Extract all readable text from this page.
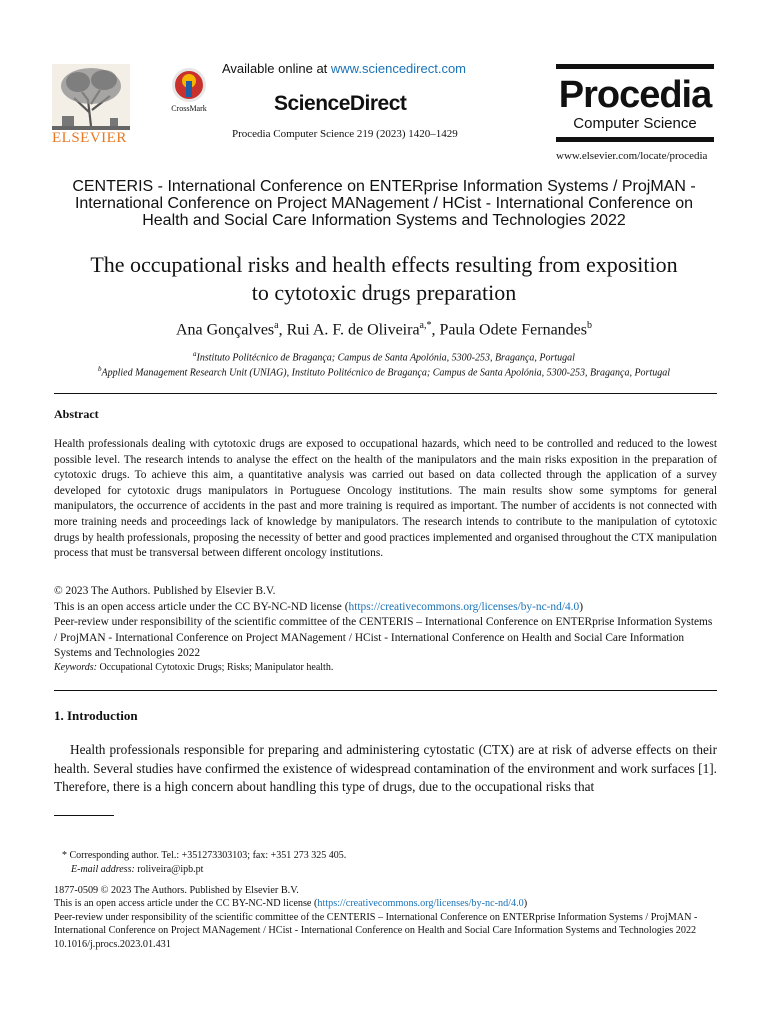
ELSEVIER
CrossMark
Available online at www.sciencedirect.com
ScienceDirect
Procedia Computer Science 219 (2023) 1420–1429
Procedia
Computer Science
www.elsevier.com/locate/procedia
CENTERIS - International Conference on ENTERprise Information Systems / ProjMAN -
International Conference on Project MANagement / HCist - International Conference on
Health and Social Care Information Systems and Technologies 2022
The occupational risks and health effects resulting from exposition
to cytotoxic drugs preparation
Ana Gonçalves$^a$, Rui A. F. de Oliveira$^{a,*}$, Paula Odete Fernandes$^b$
$^a$Instituto Politécnico de Bragança; Campus de Santa Apolónia, 5300-253, Bragança, Portugal
$^b$Applied Management Research Unit (UNIAG), Instituto Politécnico de Bragança; Campus de Santa Apolónia, 5300-253, Bragança, Portugal
Abstract
Health professionals dealing with cytotoxic drugs are exposed to occupational hazards, which need to be controlled and reduced to the lowest possible level. The research intends to analyse the effect on the health of the manipulators and the main risks exposition in the preparation of cytotoxic drugs. To achieve this aim, a quantitative analysis was carried out based on data collected through the application of a survey developed for cytotoxic drugs manipulators in Portuguese Oncology institutions. The main results show some symptoms for general manipulators, the occurrence of accidents in the past and more training is required as important. The number of accidents is not connected with more training needs and proceedings lack of knowledge by manipulators. The research intends to contribute to the manipulation of cytotoxic drugs by health professionals, proposing the necessity of better and good practices implemented and organised throughout the CTX manipulation process that must be transversal between different oncology institutions.
© 2023 The Authors. Published by Elsevier B.V.
This is an open access article under the CC BY-NC-ND license (https://creativecommons.org/licenses/by-nc-nd/4.0)
Peer-review under responsibility of the scientific committee of the CENTERIS – International Conference on ENTERprise Information Systems / ProjMAN - International Conference on Project MANagement / HCist - International Conference on Health and Social Care Information Systems and Technologies 2022
Keywords: Occupational Cytotoxic Drugs; Risks; Manipulator health.
1. Introduction
Health professionals responsible for preparing and administering cytostatic (CTX) are at risk of adverse effects on their health. Several studies have confirmed the existence of widespread contamination of the environment and work surfaces [1]. Therefore, there is a high concern about handling this type of drugs, due to the occupational risks that
* Corresponding author. Tel.: +351273303103; fax: +351 273 325 405.
E-mail address: roliveira@ipb.pt
1877-0509 © 2023 The Authors. Published by Elsevier B.V.
This is an open access article under the CC BY-NC-ND license (https://creativecommons.org/licenses/by-nc-nd/4.0)
Peer-review under responsibility of the scientific committee of the CENTERIS – International Conference on ENTERprise Information Systems / ProjMAN - International Conference on Project MANagement / HCist - International Conference on Health and Social Care Information Systems and Technologies 2022
10.1016/j.procs.2023.01.431
